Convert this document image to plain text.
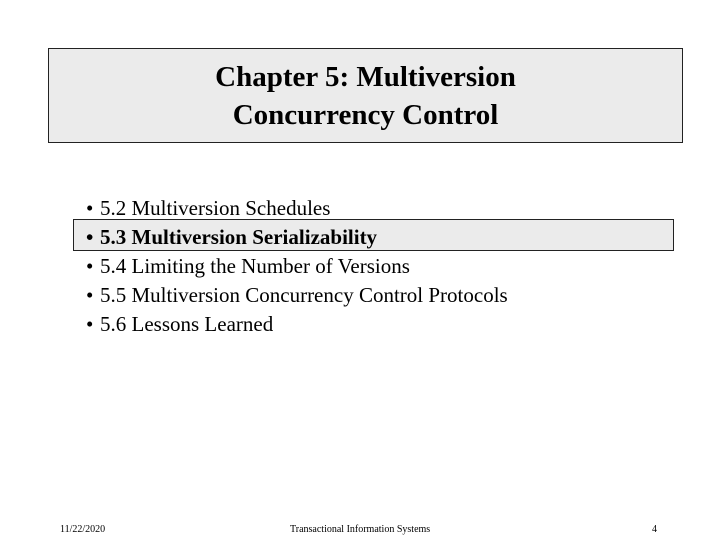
Chapter 5: Multiversion
Concurrency Control
• 5.2 Multiversion Schedules
• 5.3 Multiversion Serializability
• 5.4 Limiting the Number of Versions
• 5.5 Multiversion Concurrency Control Protocols
• 5.6 Lessons Learned
11/22/2020	Transactional Information Systems	4
